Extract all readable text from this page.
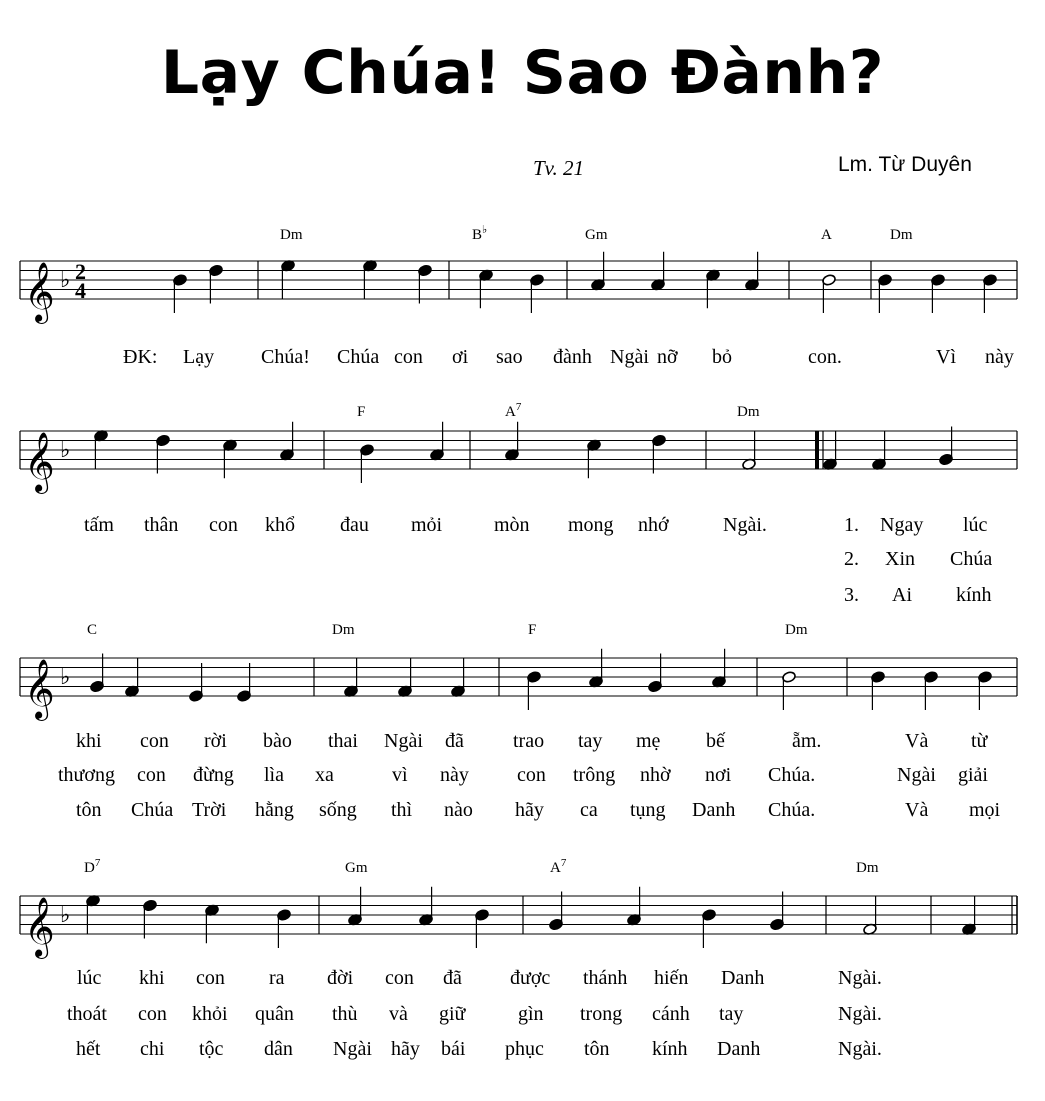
Lạy Chúa! Sao Đành?
Tv. 21	Lm. Từ Duyên
𝄞 ♭ 2
4
Dm	B♭	Gm	A	Dm
ĐK: Lạy Chúa! Chúa con ơi sao đành Ngài nỡ bỏ	con.	Vì này
𝄞 ♭
F	$A^7$	Dm
tấm thân con khổ đau mỏi	mòn mong nhớ	Ngài.	1. Ngay lúc
2. Xin Chúa
3. Ai kính
𝄞 ♭
C	Dm	F	Dm
khi con rời bào thai Ngài đã trao tay mẹ bế	ẵm.	Và từ
thương con đừng lìa xa	vì này con trông nhờ nơi Chúa.	Ngài giải
tôn Chúa Trời hằng sống thì nào hãy ca tụng Danh Chúa.	Và mọi
𝄞 ♭
$D^7$	Gm	$A^7$	Dm
lúc khi con ra đời con đã được thánh hiến Danh	Ngài.
thoát con khỏi quân thù và giữ	gìn trong cánh tay	Ngài.
hết chi tộc dân Ngài hãy bái phục tôn kính Danh	Ngài.
